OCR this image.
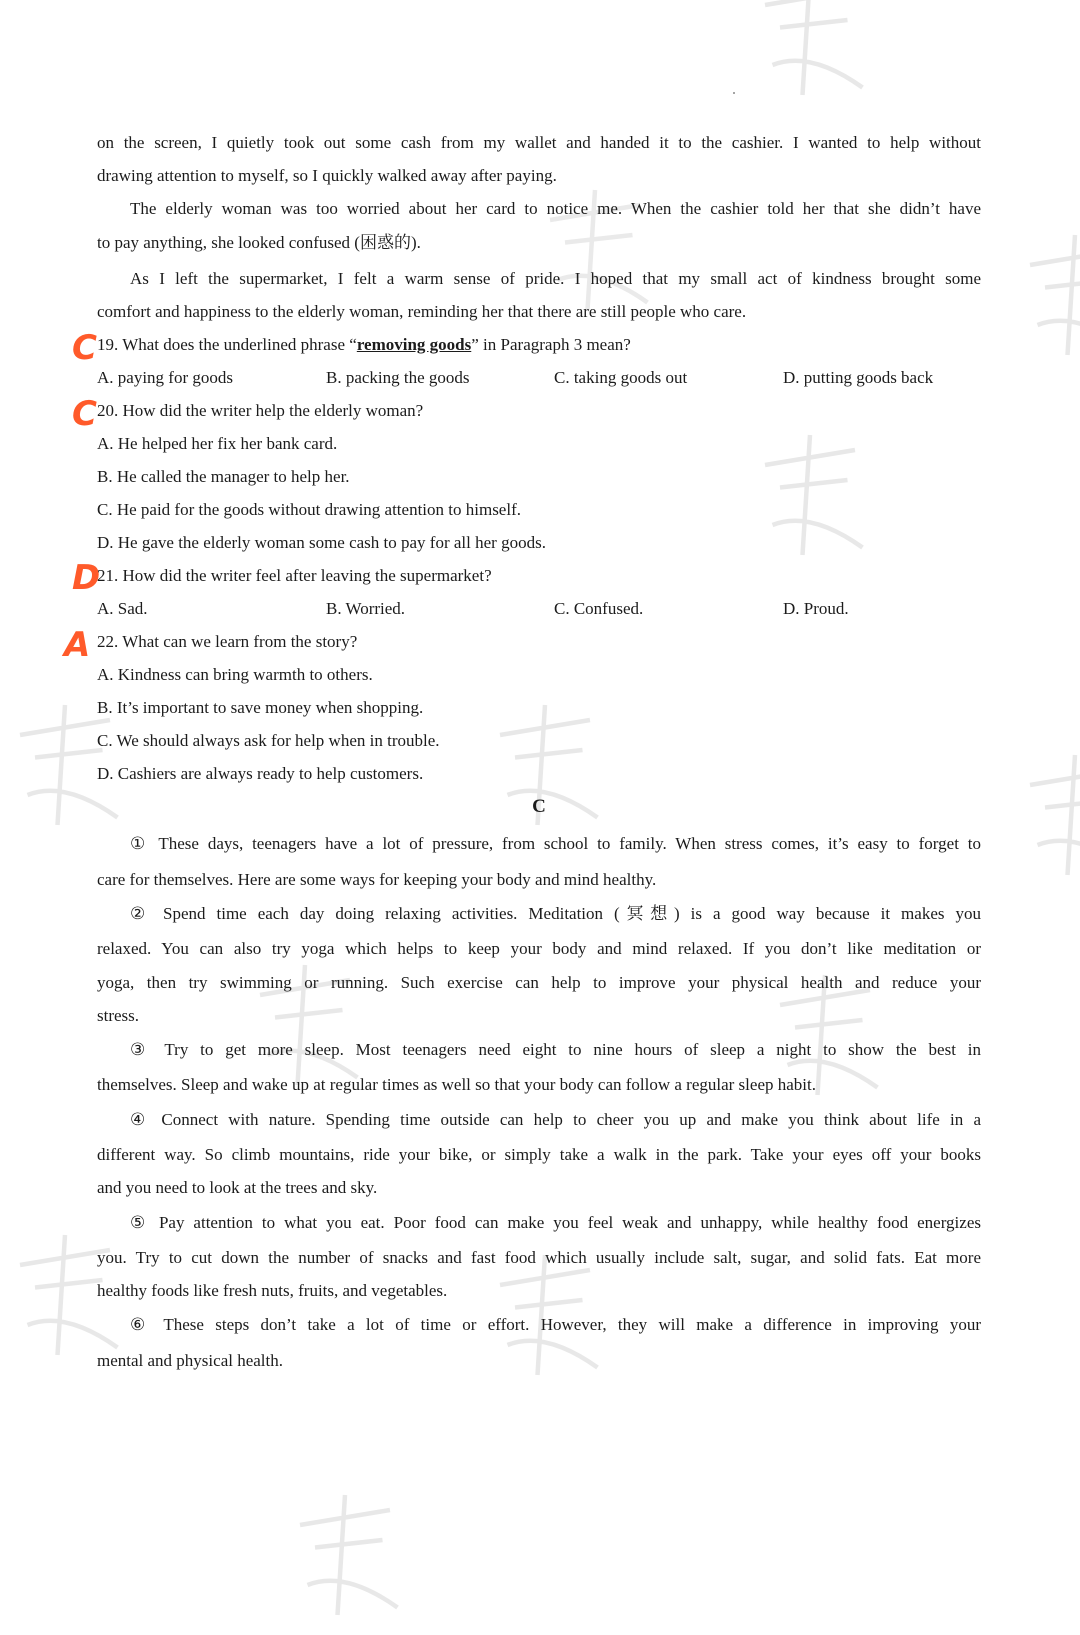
C
C
D
A
on the screen, I quietly took out some cash from my wallet and handed it to the cashier. I wanted to help without
drawing attention to myself, so I quickly walked away after paying.
The elderly woman was too worried about her card to notice me. When the cashier told her that she didn’t have
to pay anything, she looked confused (困惑的).
As I left the supermarket, I felt a warm sense of pride. I hoped that my small act of kindness brought some
comfort and happiness to the elderly woman, reminding her that there are still people who care.
19. What does the underlined phrase “removing goods” in Paragraph 3 mean?
A. paying for goods	B. packing the goods	C. taking goods out	D. putting goods back
20. How did the writer help the elderly woman?
A. He helped her fix her bank card.
B. He called the manager to help her.
C. He paid for the goods without drawing attention to himself.
D. He gave the elderly woman some cash to pay for all her goods.
21. How did the writer feel after leaving the supermarket?
A. Sad.	B. Worried.	C. Confused.	D. Proud.
22. What can we learn from the story?
A. Kindness can bring warmth to others.
B. It’s important to save money when shopping.
C. We should always ask for help when in trouble.
D. Cashiers are always ready to help customers.
C
① These days, teenagers have a lot of pressure, from school to family. When stress comes, it’s easy to forget to
care for themselves. Here are some ways for keeping your body and mind healthy.
② Spend time each day doing relaxing activities. Meditation (冥想) is a good way because it makes you
relaxed. You can also try yoga which helps to keep your body and mind relaxed. If you don’t like meditation or
yoga, then try swimming or running. Such exercise can help to improve your physical health and reduce your
stress.
③ Try to get more sleep. Most teenagers need eight to nine hours of sleep a night to show the best in
themselves. Sleep and wake up at regular times as well so that your body can follow a regular sleep habit.
④ Connect with nature. Spending time outside can help to cheer you up and make you think about life in a
different way. So climb mountains, ride your bike, or simply take a walk in the park. Take your eyes off your books
and you need to look at the trees and sky.
⑤ Pay attention to what you eat. Poor food can make you feel weak and unhappy, while healthy food energizes
you. Try to cut down the number of snacks and fast food which usually include salt, sugar, and solid fats. Eat more
healthy foods like fresh nuts, fruits, and vegetables.
⑥ These steps don’t take a lot of time or effort. However, they will make a difference in improving your
mental and physical health.
